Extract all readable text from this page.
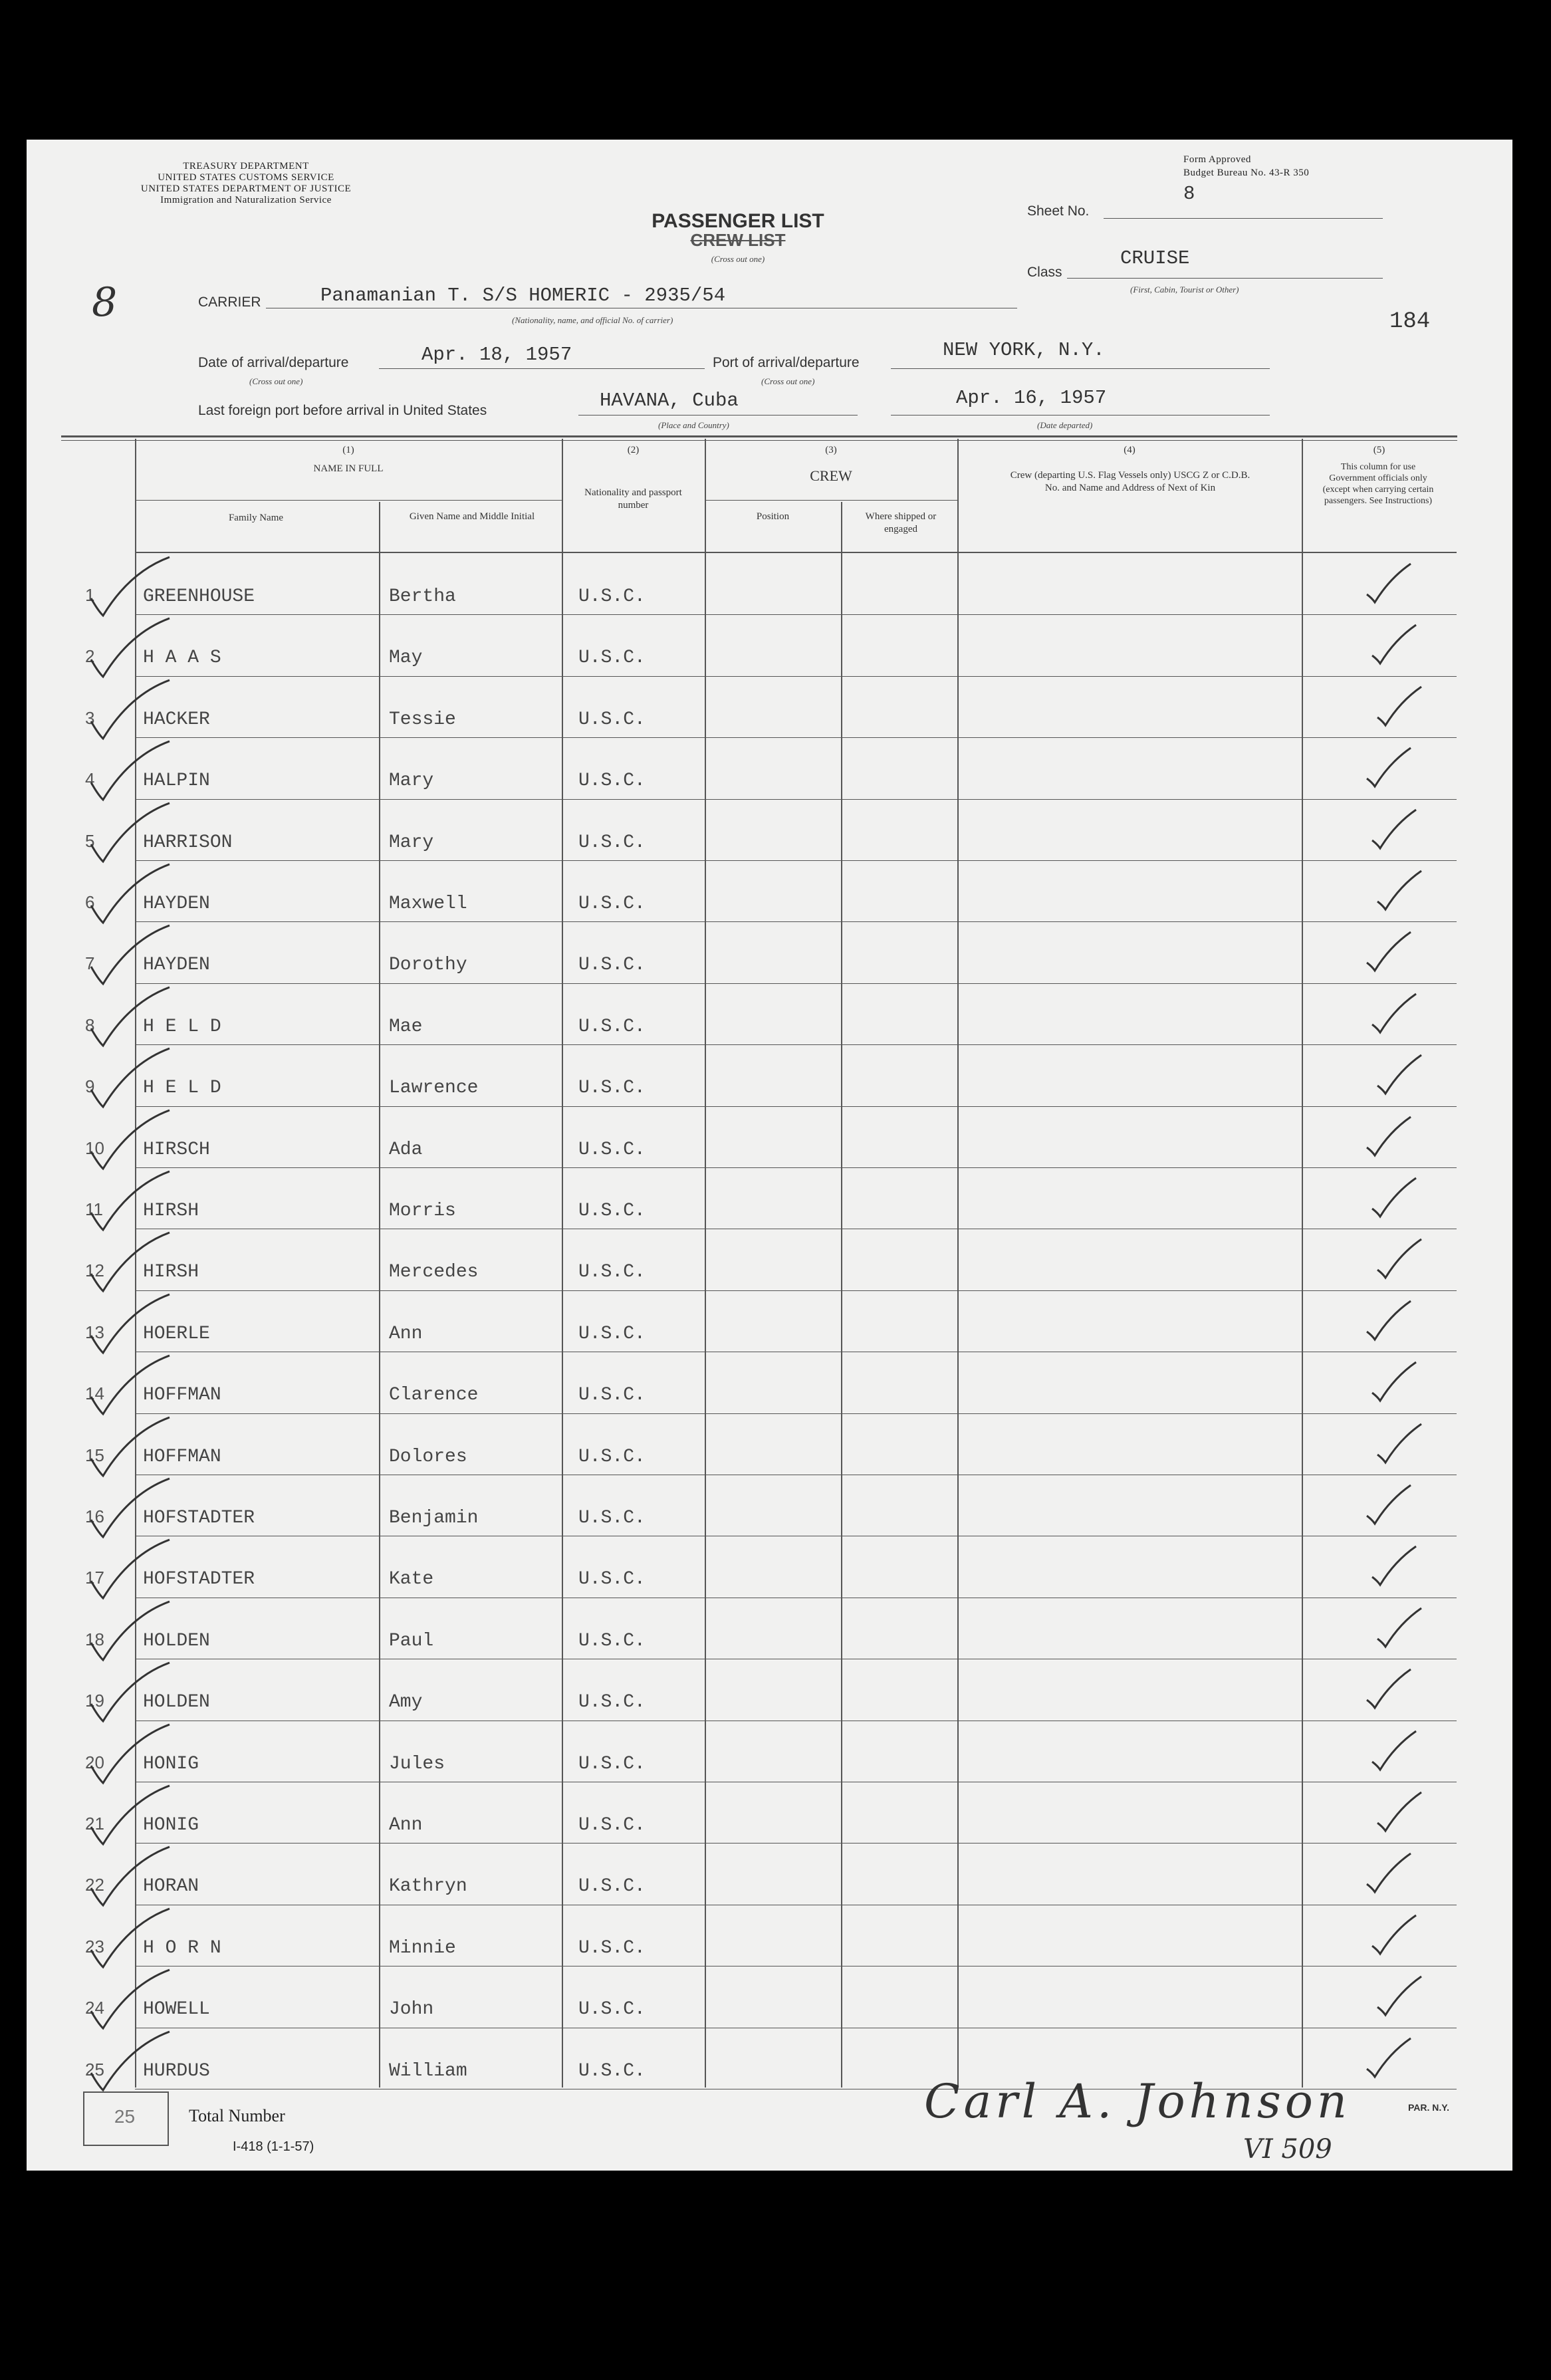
TREASURY DEPARTMENT
UNITED STATES CUSTOMS SERVICE
UNITED STATES DEPARTMENT OF JUSTICE
Immigration and Naturalization Service
Form Approved
Budget Bureau No. 43-R 350
PASSENGER LIST
CREW LIST
(Cross out one)
Sheet No.
8
Class
CRUISE
(First, Cabin, Tourist or Other)
8	184
CARRIER	Panamanian T. S/S HOMERIC - 2935/54
(Nationality, name, and official No. of carrier)
Date of arrival/departure	Apr. 18, 1957
(Cross out one)
Port of arrival/departure
NEW YORK, N.Y.
(Cross out one)
Last foreign port before arrival in United States	HAVANA, Cuba
(Place and Country)
Apr. 16, 1957
(Date departed)
(1)
NAME IN FULL
Family Name	Given Name and Middle Initial
(2)
Nationality and passport number
(3)
CREW
Position	Where shipped or engaged
(4)
Crew (departing U.S. Flag Vessels only) USCG Z or C.D.B. No. and Name and Address of Next of Kin
(5)
This column for use Government officials only (except when carrying certain passengers. See Instructions)
1	GREENHOUSE	Bertha	U.S.C.
2	H A A S	May	U.S.C.
3	HACKER	Tessie	U.S.C.
4	HALPIN	Mary	U.S.C.
5	HARRISON	Mary	U.S.C.
6	HAYDEN	Maxwell	U.S.C.
7	HAYDEN	Dorothy	U.S.C.
8	H E L D	Mae	U.S.C.
9	H E L D	Lawrence	U.S.C.
10 HIRSCH	Ada	U.S.C.
11 HIRSH	Morris	U.S.C.
12 HIRSH	Mercedes	U.S.C.
13 HOERLE	Ann	U.S.C.
14 HOFFMAN	Clarence	U.S.C.
15 HOFFMAN	Dolores	U.S.C.
16 HOFSTADTER	Benjamin	U.S.C.
17 HOFSTADTER	Kate	U.S.C.
18 HOLDEN	Paul	U.S.C.
19 HOLDEN	Amy	U.S.C.
20 HONIG	Jules	U.S.C.
21 HONIG	Ann	U.S.C.
22 HORAN	Kathryn	U.S.C.
23 H O R N	Minnie	U.S.C.
24 HOWELL	John	U.S.C.
25 HURDUS	William	U.S.C.
25	Total Number
I-418 (1-1-57)
Carl A. Johnson
VI 509
PAR. N.Y.
